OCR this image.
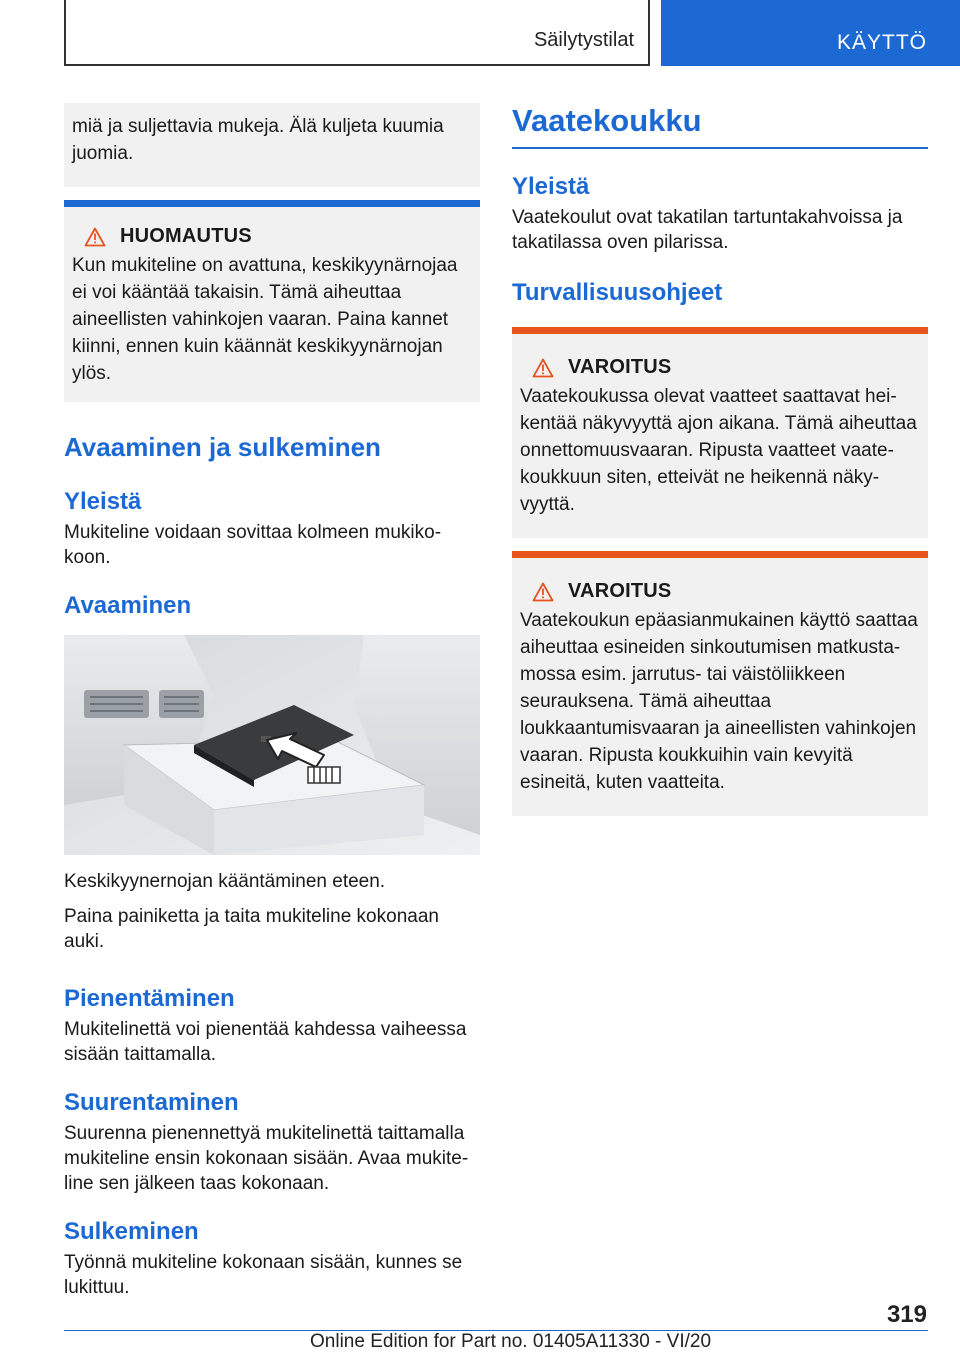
Säilytystilat	KÄYTTÖ

miä ja suljettavia mukeja. Älä kuljeta kuumia juomia.

HUOMAUTUS

Kun mukiteline on avattuna, keskikyynärnojaa ei voi kääntää takaisin. Tämä aiheuttaa aineellisten vahinkojen vaaran. Paina kannet kiinni, ennen kuin käännät keskikyynärnojan ylös.

Avaaminen ja sulkeminen
Yleistä

Mukiteline voidaan sovittaa kolmeen mukikokoon.

Avaaminen

Keskikyynernojan kääntäminen eteen.

Paina painiketta ja taita mukiteline kokonaan auki.

Pienentäminen

Mukitelinettä voi pienentää kahdessa vaiheessa sisään taittamalla.

Suurentaminen

Suurenna pienennettyä mukitelinettä taittamalla mukiteline ensin kokonaan sisään. Avaa mukiteline sen jälkeen taas kokonaan.

Sulkeminen

Työnnä mukiteline kokonaan sisään, kunnes se lukittuu.

Vaatekoukku
Yleistä

Vaatekoulut ovat takatilan tartuntakahvoissa ja takatilassa oven pilarissa.

Turvallisuusohjeet
VAROITUS

Vaatekoukussa olevat vaatteet saattavat heikentää näkyvyyttä ajon aikana. Tämä aiheuttaa onnettomuusvaaran. Ripusta vaatteet vaatekoukkuun siten, etteivät ne heikennä näkyvyyttä.

VAROITUS

Vaatekoukun epäasianmukainen käyttö saattaa aiheuttaa esineiden sinkoutumisen matkustamossa esim. jarrutus- tai väistöliikkeen seurauksena. Tämä aiheuttaa loukkaantumisvaaran ja aineellisten vahinkojen vaaran. Ripusta koukkuihin vain kevyitä esineitä, kuten vaatteita.

319
Online Edition for Part no. 01405A11330 - VI/20
